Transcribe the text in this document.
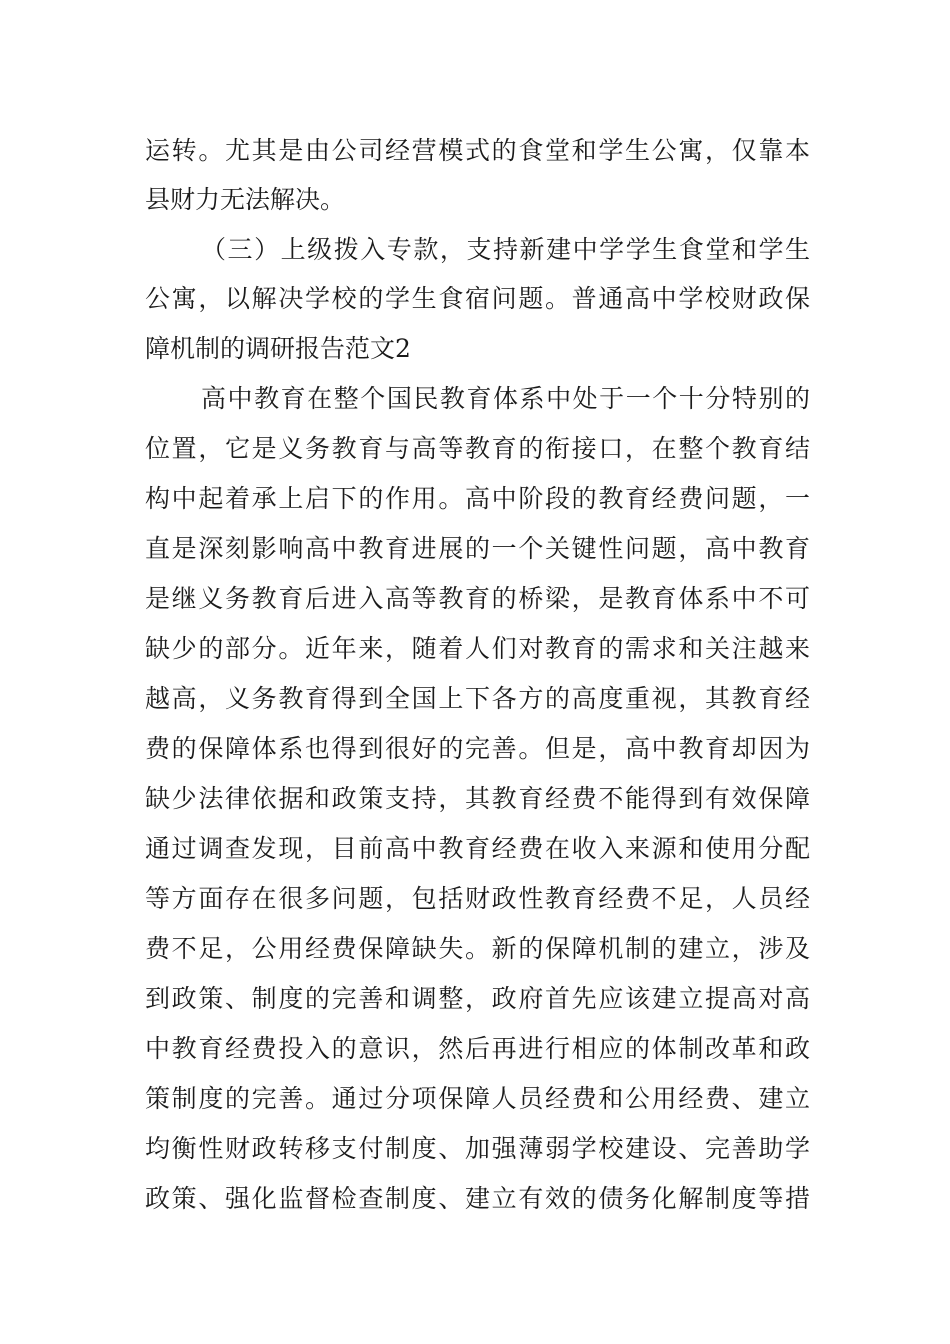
运转。尤其是由公司经营模式的食堂和学生公寓，仅靠本
县财力无法解决。
（三）上级拨入专款，支持新建中学学生食堂和学生
公寓，以解决学校的学生食宿问题。普通高中学校财政保
障机制的调研报告范文2
高中教育在整个国民教育体系中处于一个十分特别的
位置，它是义务教育与高等教育的衔接口，在整个教育结
构中起着承上启下的作用。高中阶段的教育经费问题，一
直是深刻影响高中教育进展的一个关键性问题，高中教育
是继义务教育后进入高等教育的桥梁，是教育体系中不可
缺少的部分。近年来，随着人们对教育的需求和关注越来
越高，义务教育得到全国上下各方的高度重视，其教育经
费的保障体系也得到很好的完善。但是，高中教育却因为
缺少法律依据和政策支持，其教育经费不能得到有效保障
通过调查发现，目前高中教育经费在收入来源和使用分配
等方面存在很多问题，包括财政性教育经费不足，人员经
费不足，公用经费保障缺失。新的保障机制的建立，涉及
到政策、制度的完善和调整，政府首先应该建立提高对高
中教育经费投入的意识，然后再进行相应的体制改革和政
策制度的完善。通过分项保障人员经费和公用经费、建立
均衡性财政转移支付制度、加强薄弱学校建设、完善助学
政策、强化监督检查制度、建立有效的债务化解制度等措
